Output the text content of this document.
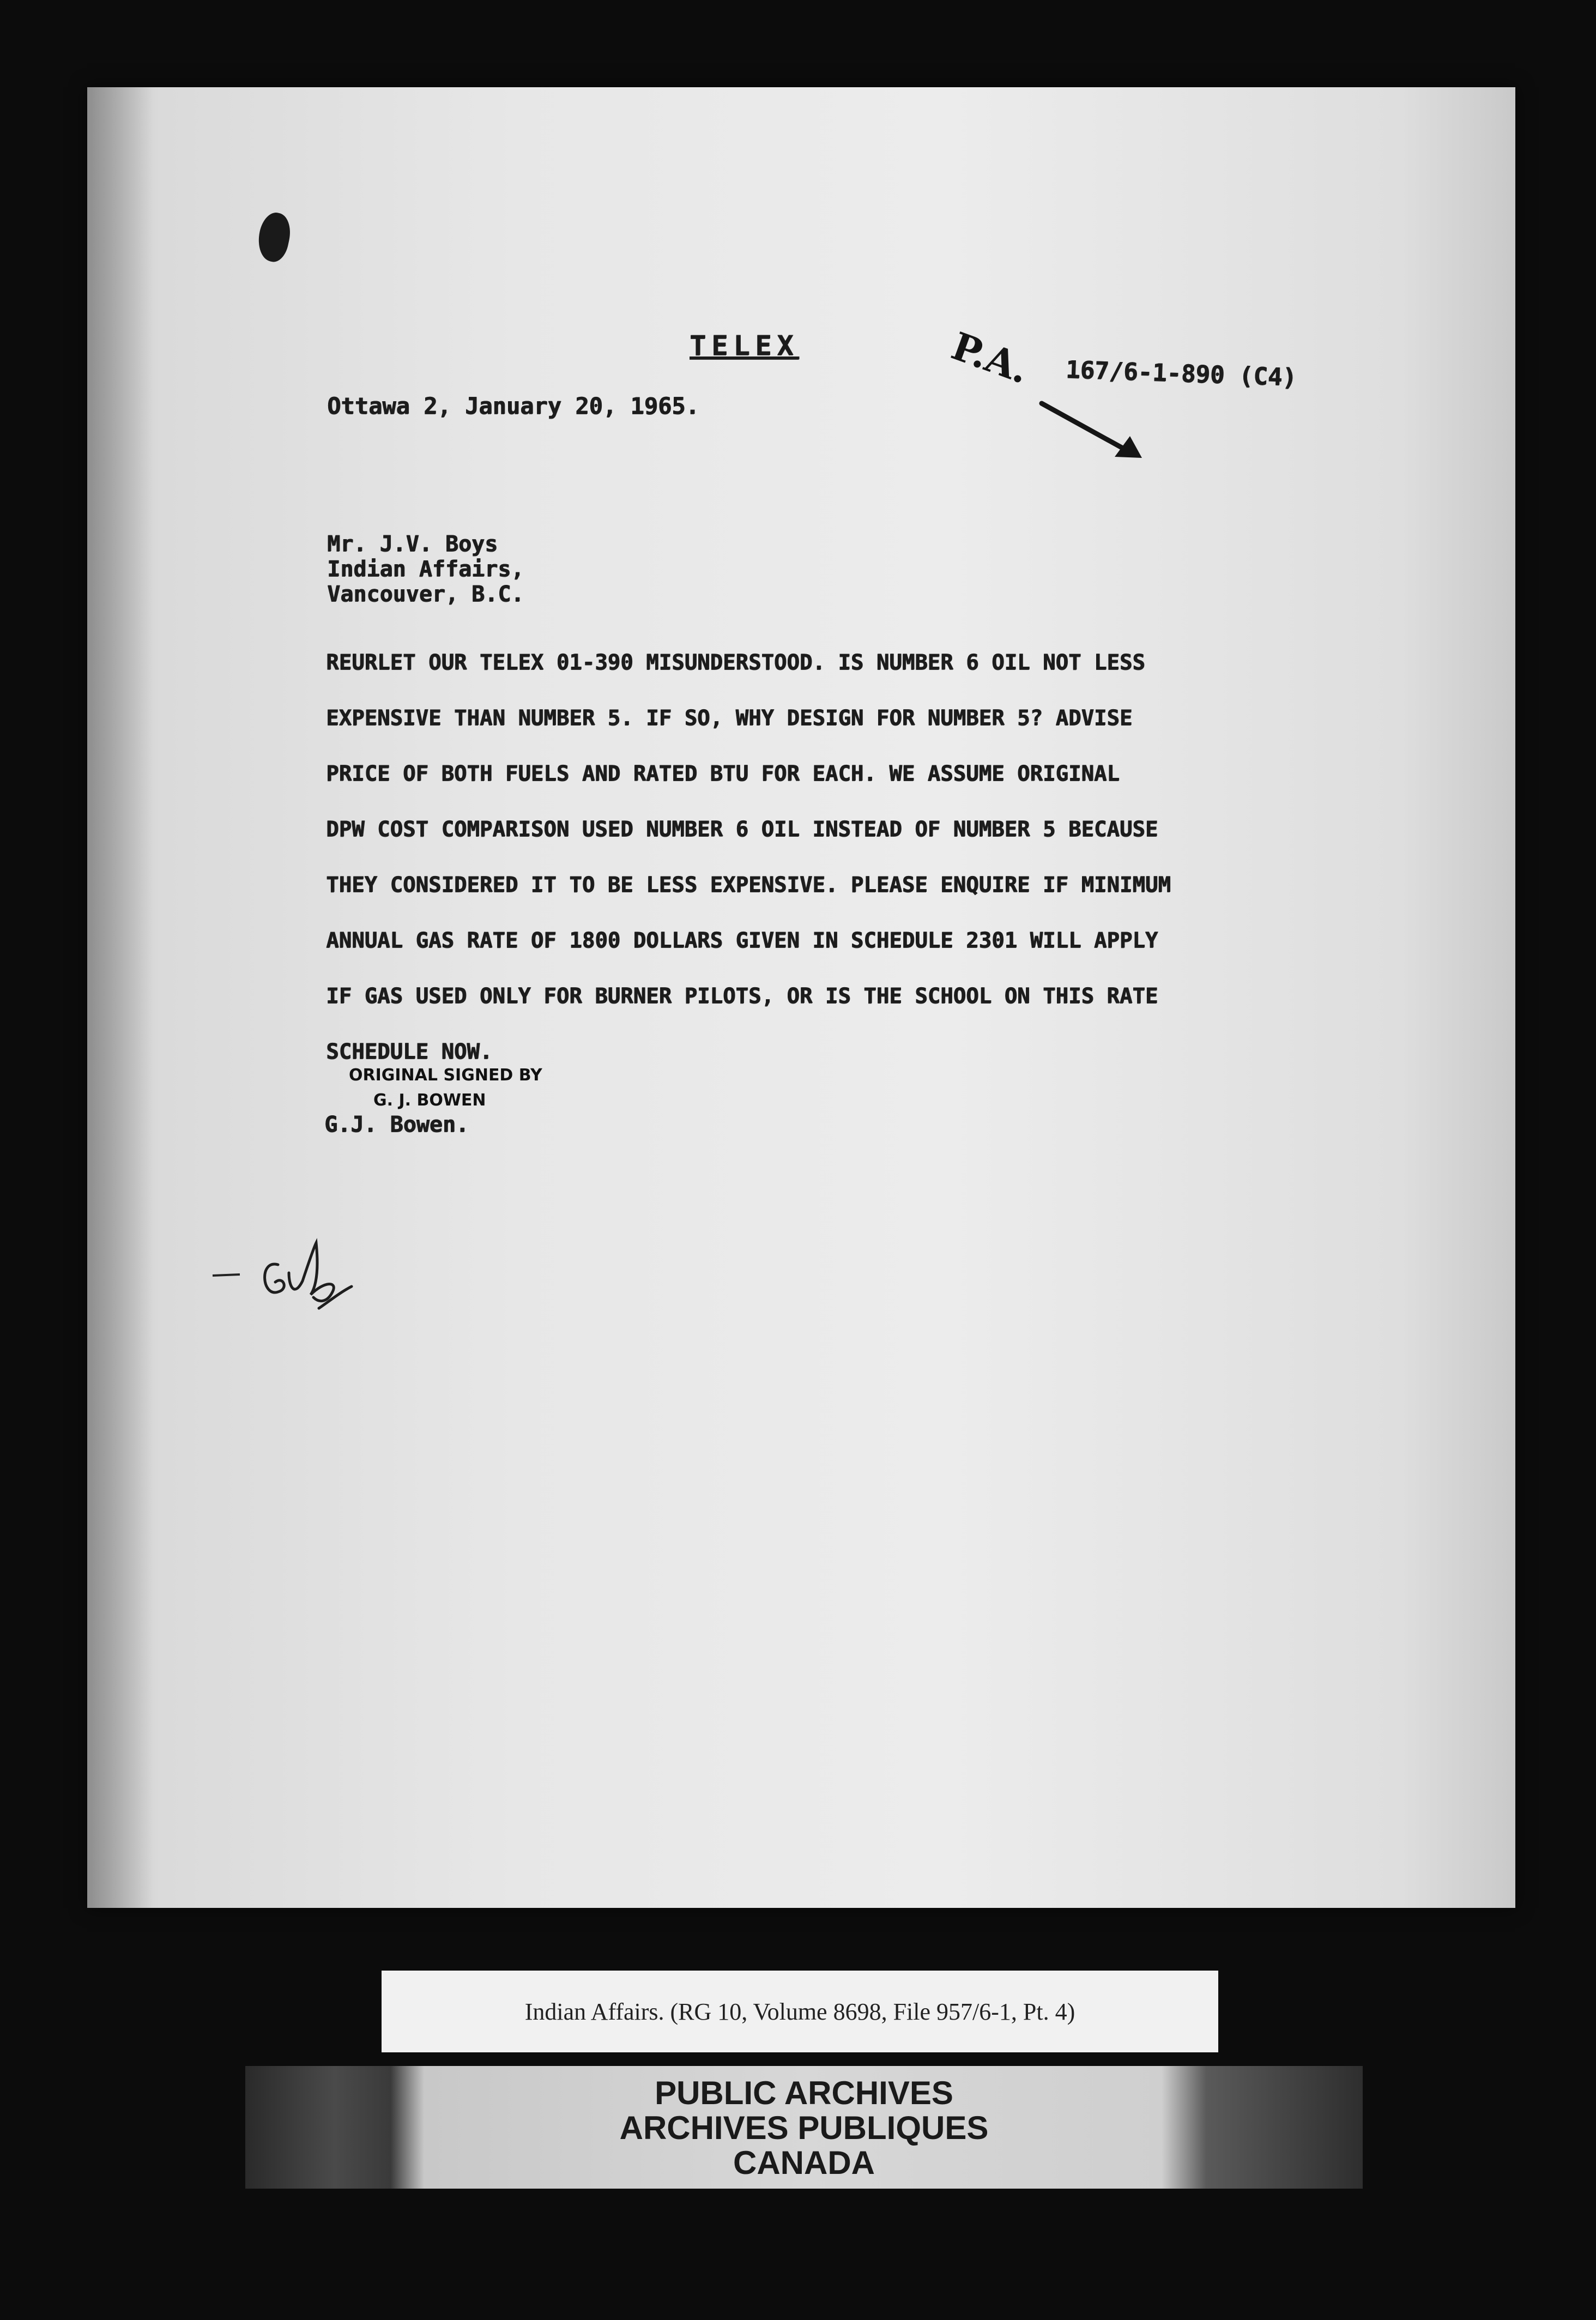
P.A.
TELEX
Ottawa 2, January 20, 1965.
167/6-1-890 (C4)
Mr. J.V. Boys
Indian Affairs,
Vancouver, B.C.
REURLET OUR TELEX 01-390 MISUNDERSTOOD. IS NUMBER 6 OIL NOT LESS
EXPENSIVE THAN NUMBER 5. IF SO, WHY DESIGN FOR NUMBER 5? ADVISE
PRICE OF BOTH FUELS AND RATED BTU FOR EACH. WE ASSUME ORIGINAL
DPW COST COMPARISON USED NUMBER 6 OIL INSTEAD OF NUMBER 5 BECAUSE
THEY CONSIDERED IT TO BE LESS EXPENSIVE. PLEASE ENQUIRE IF MINIMUM
ANNUAL GAS RATE OF 1800 DOLLARS GIVEN IN SCHEDULE 2301 WILL APPLY
IF GAS USED ONLY FOR BURNER PILOTS, OR IS THE SCHOOL ON THIS RATE
SCHEDULE NOW.
ORIGINAL SIGNED BY
G. J. BOWEN
G.J. Bowen.
Indian Affairs. (RG 10, Volume 8698, File 957/6-1, Pt. 4)
PUBLIC ARCHIVES
ARCHIVES PUBLIQUES
CANADA
